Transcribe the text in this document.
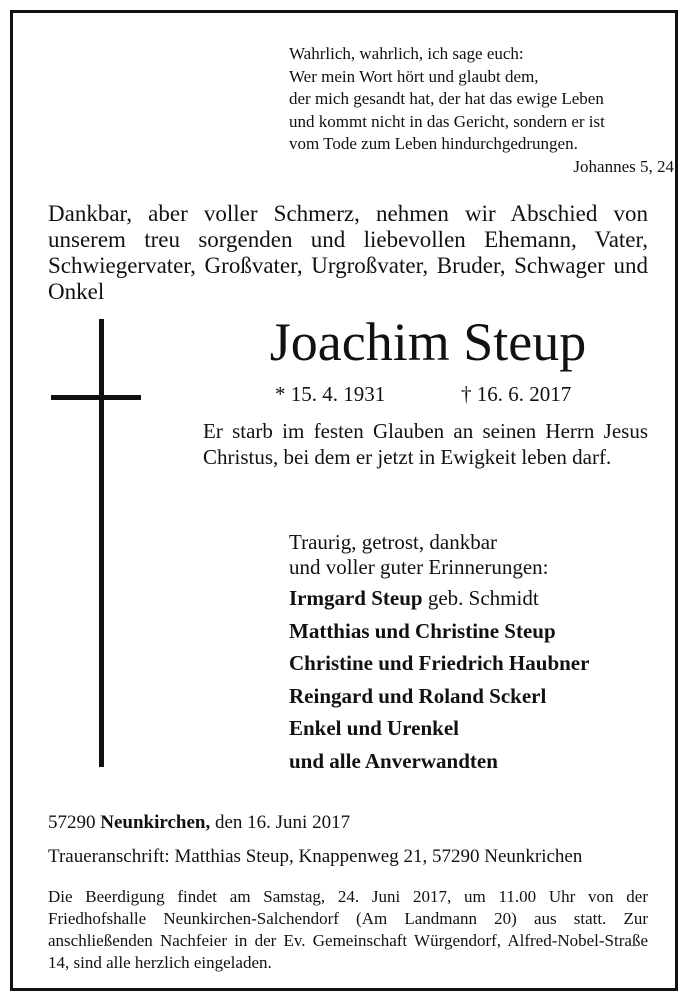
Wahrlich, wahrlich, ich sage euch:
Wer mein Wort hört und glaubt dem,
der mich gesandt hat, der hat das ewige Leben
und kommt nicht in das Gericht, sondern er ist
vom Tode zum Leben hindurchgedrungen.
Johannes 5, 24
Dankbar, aber voller Schmerz, nehmen wir Abschied von unserem treu sorgenden und liebevollen Ehemann, Vater, Schwiegervater, Großvater, Urgroßvater, Bruder, Schwager und Onkel
Joachim Steup
* 15. 4. 1931	† 16. 6. 2017
Er starb im festen Glauben an seinen Herrn Jesus Christus, bei dem er jetzt in Ewigkeit leben darf.
Traurig, getrost, dankbar
und voller guter Erinnerungen:
Irmgard Steup geb. Schmidt
Matthias und Christine Steup
Christine und Friedrich Haubner
Reingard und Roland Sckerl
Enkel und Urenkel
und alle Anverwandten
57290 Neunkirchen, den 16. Juni 2017
Traueranschrift: Matthias Steup, Knappenweg 21, 57290 Neunkrichen
Die Beerdigung findet am Samstag, 24. Juni 2017, um 11.00 Uhr von der Friedhofshalle Neunkirchen-Salchendorf (Am Landmann 20) aus statt. Zur anschließenden Nachfeier in der Ev. Gemeinschaft Würgendorf, Alfred-Nobel-Straße 14, sind alle herzlich eingeladen.
